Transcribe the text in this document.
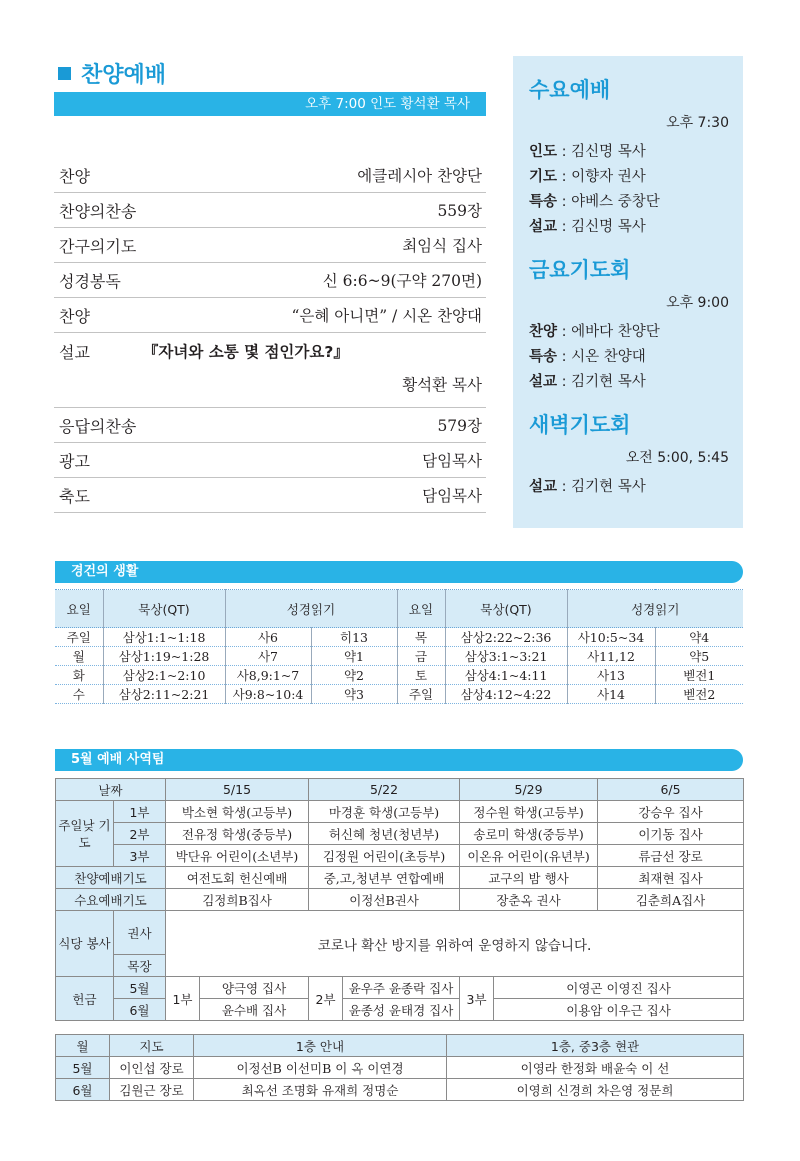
찬양예배
오후 7:00 인도 황석환 목사
찬양	에클레시아 찬양단
찬양의찬송	559장
간구의기도	최임식 집사
성경봉독	신 6:6~9(구약 270면)
찬양	“은혜 아니면” / 시온 찬양대
설교	『자녀와 소통 몇 점인가요?』
황석환 목사
응답의찬송	579장
광고	담임목사
축도	담임목사
수요예배
오후 7:30
인도 : 김신명 목사
기도 : 이향자 권사
특송 : 야베스 중창단
설교 : 김신명 목사
금요기도회
오후 9:00
찬양 : 에바다 찬양단
특송 : 시온 찬양대
설교 : 김기현 목사
새벽기도회
오전 5:00, 5:45
설교 : 김기현 목사
경건의 생활
요일	묵상(QT)	성경읽기		요일	묵상(QT)	성경읽기	
주일	삼상1:1~1:18	사6	히13	목	삼상2:22~2:36	사10:5~34	약4
월	삼상1:19~1:28	사7	약1	금	삼상3:1~3:21	사11,12	약5
화	삼상2:1~2:10	사8,9:1~7	약2	토	삼상4:1~4:11	사13	벧전1
수	삼상2:11~2:21	사9:8~10:4	약3	주일	삼상4:12~4:22	사14	벧전2
5월 예배 사역팀
날짜		5/15		5/22		5/29		6/5
주일낮 기도	1부	박소현 학생(고등부)		마경훈 학생(고등부)		정수원 학생(고등부)		강승우 집사
	2부	전유정 학생(중등부)		허신혜 청년(청년부)		송로미 학생(중등부)		이기동 집사
	3부	박단유 어린이(소년부)		김정원 어린이(초등부)		이온유 어린이(유년부)		류금선 장로
찬양예배기도		여전도회 헌신예배		중,고,청년부 연합예배		교구의 밤 행사		최재현 집사
수요예배기도		김정희B집사		이정선B권사		장춘옥 권사		김춘희A집사
식당 봉사	권사	코로나 확산 방지를 위하여 운영하지 않습니다.						
	목장							
헌금	5월	1부	양극영 집사	2부	윤우주 윤종락 집사	3부	이영곤 이영진 집사	
	6월		윤수배 집사		윤종성 윤태경 집사		이용암 이우근 집사	
월	지도	1층 안내	1층, 중3층 현관
5월	이인섭 장로	이정선B 이선미B 이 옥 이연경	이영라 한정화 배윤숙 이 선
6월	김원근 장로	최옥선 조명화 유재희 정명순	이영희 신경희 차은영 정문희
